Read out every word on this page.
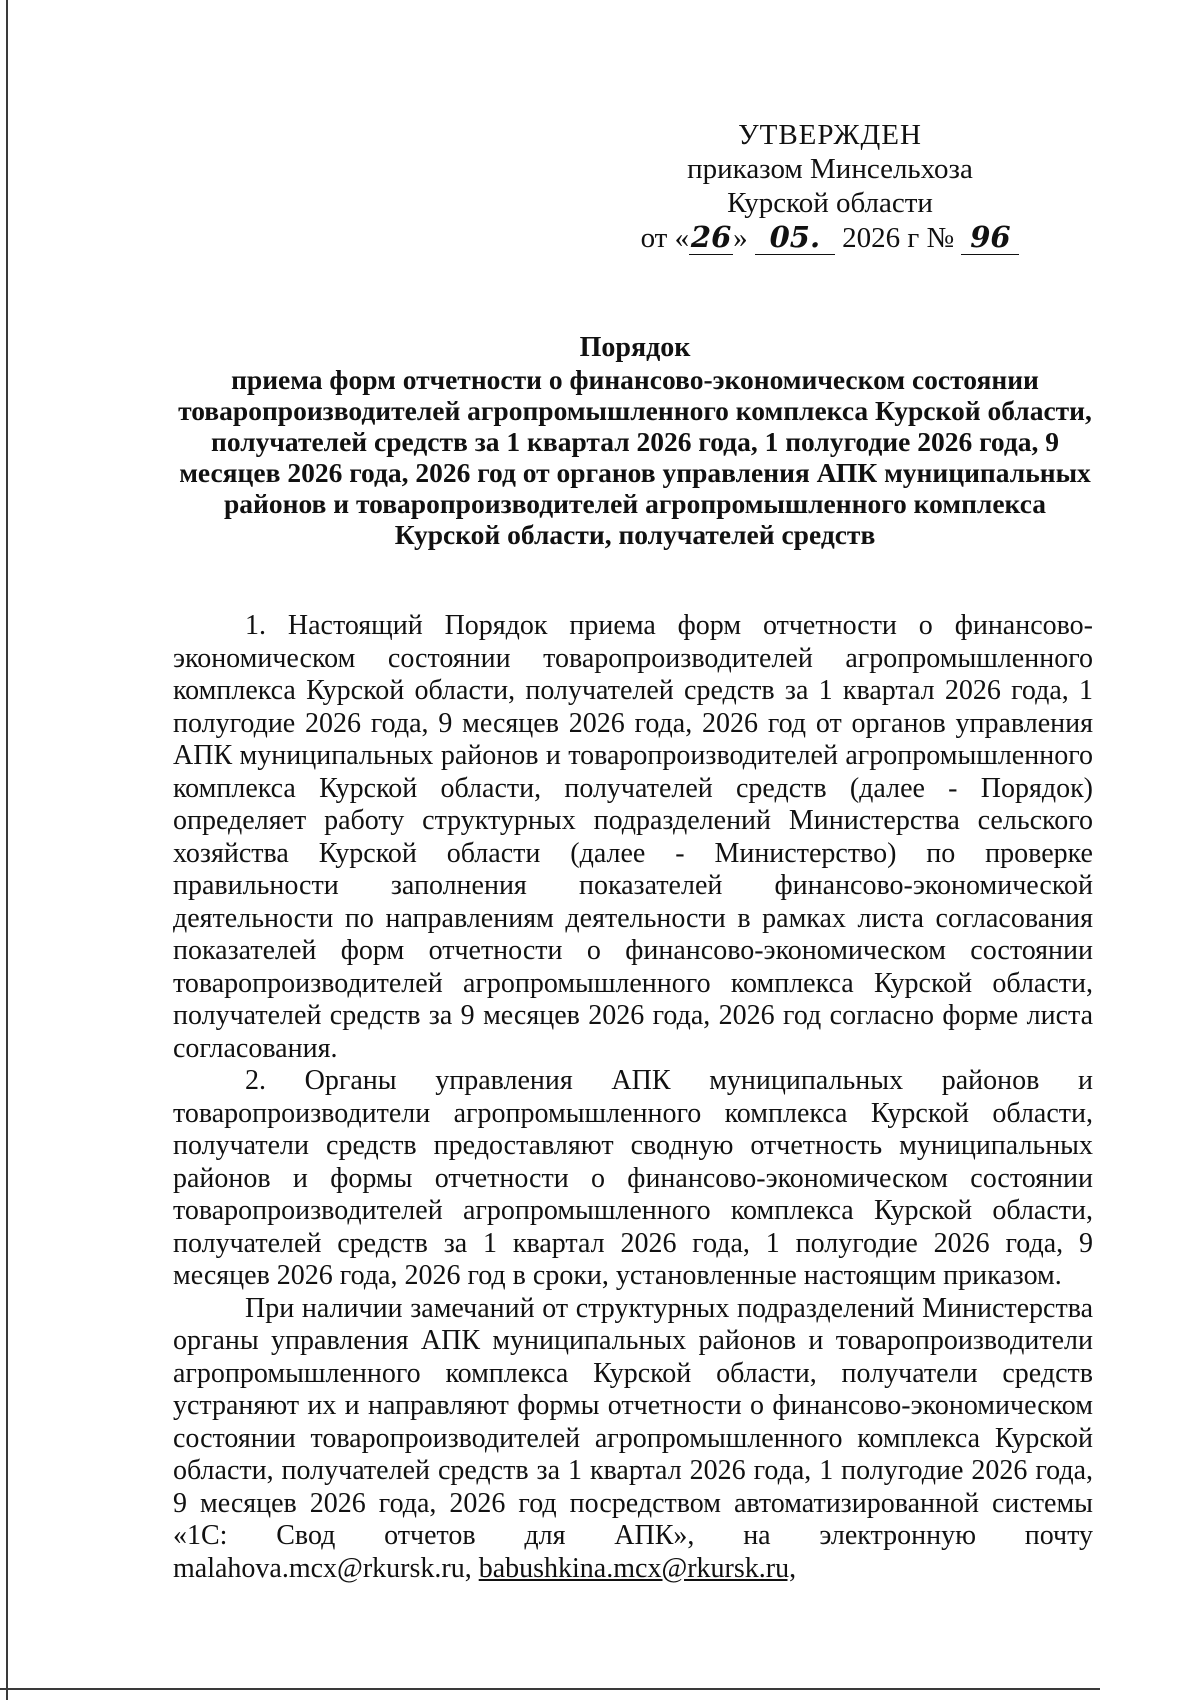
УТВЕРЖДЕН
приказом Минсельхоза
Курской области
от «26» 05. 2026 г № 96
Порядок
приема форм отчетности о финансово-экономическом состоянии товаропроизводителей агропромышленного комплекса Курской области, получателей средств за 1 квартал 2026 года, 1 полугодие 2026 года, 9 месяцев 2026 года, 2026 год от органов управления АПК муниципальных районов и товаропроизводителей агропромышленного комплекса Курской области, получателей средств

1. Настоящий Порядок приема форм отчетности о финансово-экономическом состоянии товаропроизводителей агропромышленного комплекса Курской области, получателей средств за 1 квартал 2026 года, 1 полугодие 2026 года, 9 месяцев 2026 года, 2026 год от органов управления АПК муниципальных районов и товаропроизводителей агропромышленного комплекса Курской области, получателей средств (далее - Порядок) определяет работу структурных подразделений Министерства сельского хозяйства Курской области (далее - Министерство) по проверке правильности заполнения показателей финансово-экономической деятельности по направлениям деятельности в рамках листа согласования показателей форм отчетности о финансово-экономическом состоянии товаропроизводителей агропромышленного комплекса Курской области, получателей средств за 9 месяцев 2026 года, 2026 год согласно форме листа согласования.

2. Органы управления АПК муниципальных районов и товаропроизводители агропромышленного комплекса Курской области, получатели средств предоставляют сводную отчетность муниципальных районов и формы отчетности о финансово-экономическом состоянии товаропроизводителей агропромышленного комплекса Курской области, получателей средств за 1 квартал 2026 года, 1 полугодие 2026 года, 9 месяцев 2026 года, 2026 год в сроки, установленные настоящим приказом.

При наличии замечаний от структурных подразделений Министерства органы управления АПК муниципальных районов и товаропроизводители агропромышленного комплекса Курской области, получатели средств устраняют их и направляют формы отчетности о финансово-экономическом состоянии товаропроизводителей агропромышленного комплекса Курской области, получателей средств за 1 квартал 2026 года, 1 полугодие 2026 года, 9 месяцев 2026 года, 2026 год посредством автоматизированной системы «1С: Свод отчетов для АПК», на электронную почту malahova.mcx@rkursk.ru, babushkina.mcx@rkursk.ru,
